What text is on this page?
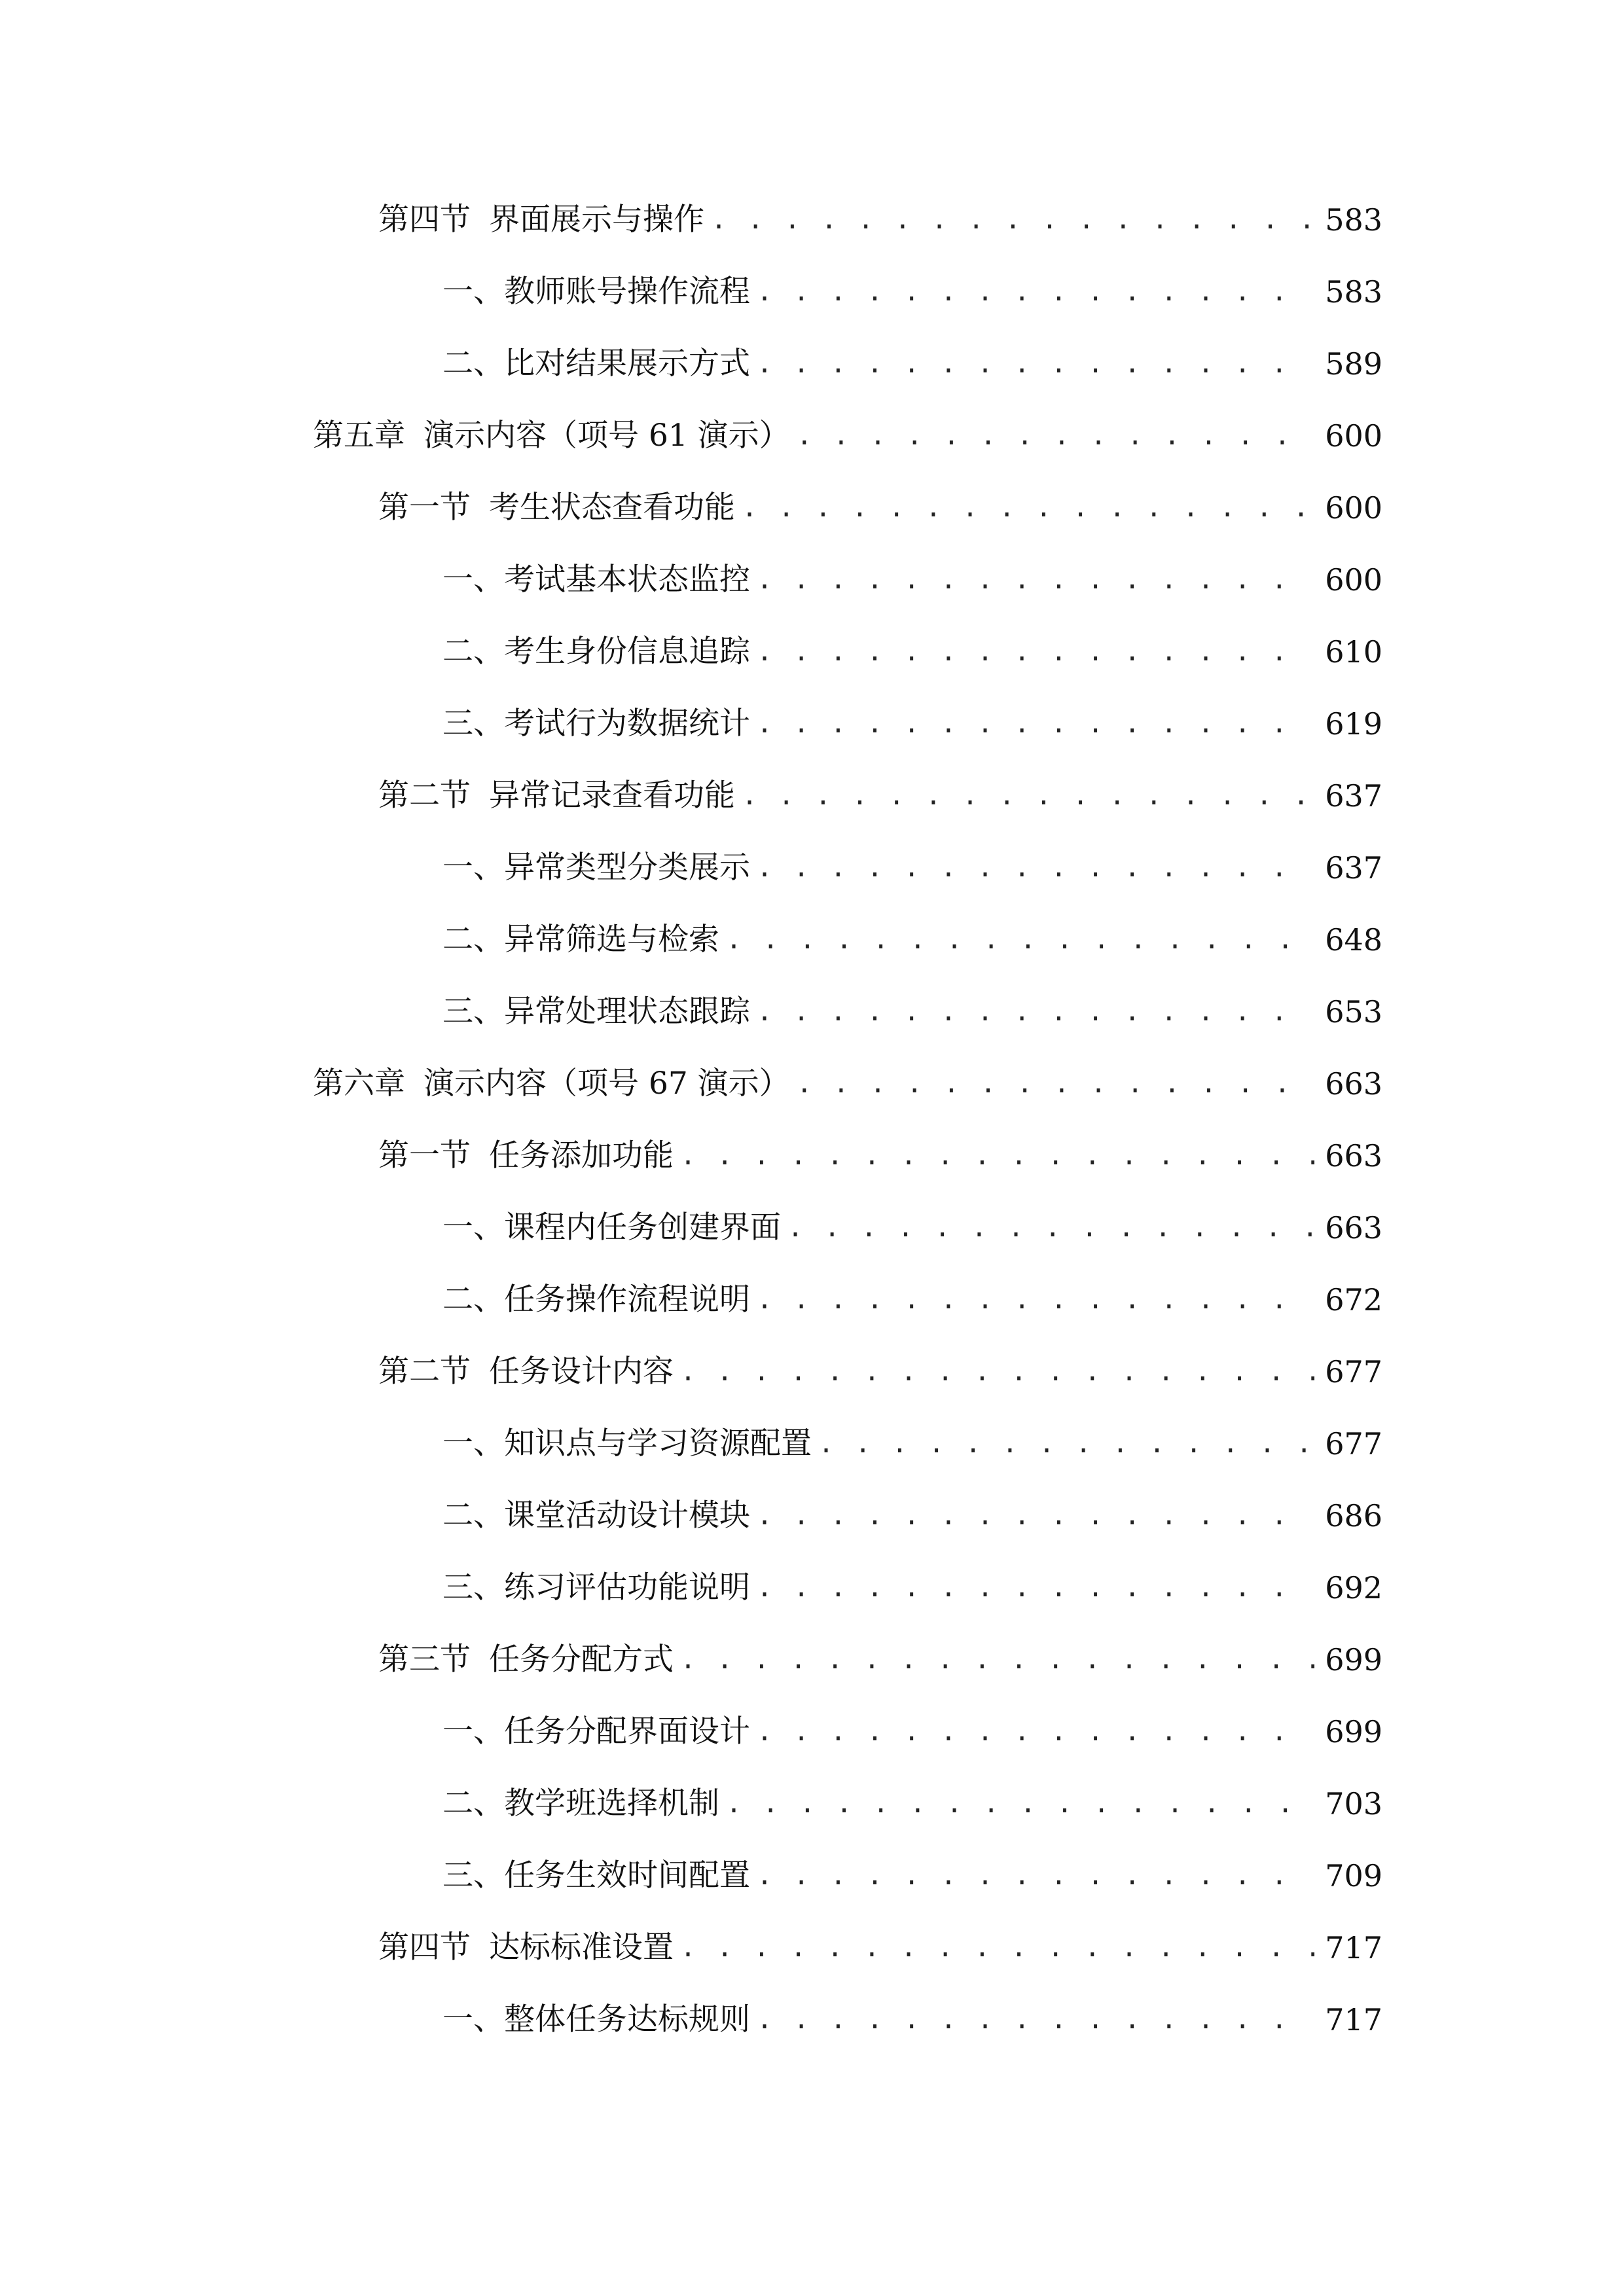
第四节 界面展示与操作 . . .	583
一、 教师账号操作流程 . . .	583
二、 比对结果展示方式 . . .	589
第五章 演示内容（项号 61 演示） . . .	600
第一节 考生状态查看功能 . . .	600
一、 考试基本状态监控 . . .	600
二、 考生身份信息追踪 . . .	610
三、 考试行为数据统计 . . .	619
第二节 异常记录查看功能 . . .	637
一、 异常类型分类展示 . . .	637
二、 异常筛选与检索 . . .	648
三、 异常处理状态跟踪 . . .	653
第六章 演示内容（项号 67 演示） . . .	663
第一节 任务添加功能 . . .	663
一、 课程内任务创建界面 . . .	663
二、 任务操作流程说明 . . .	672
第二节 任务设计内容 . . .	677
一、 知识点与学习资源配置 . . .	677
二、 课堂活动设计模块 . . .	686
三、 练习评估功能说明 . . .	692
第三节 任务分配方式 . . .	699
一、 任务分配界面设计 . . .	699
二、 教学班选择机制 . . .	703
三、 任务生效时间配置 . . .	709
第四节 达标标准设置 . . .	717
一、 整体任务达标规则 . . .	717
